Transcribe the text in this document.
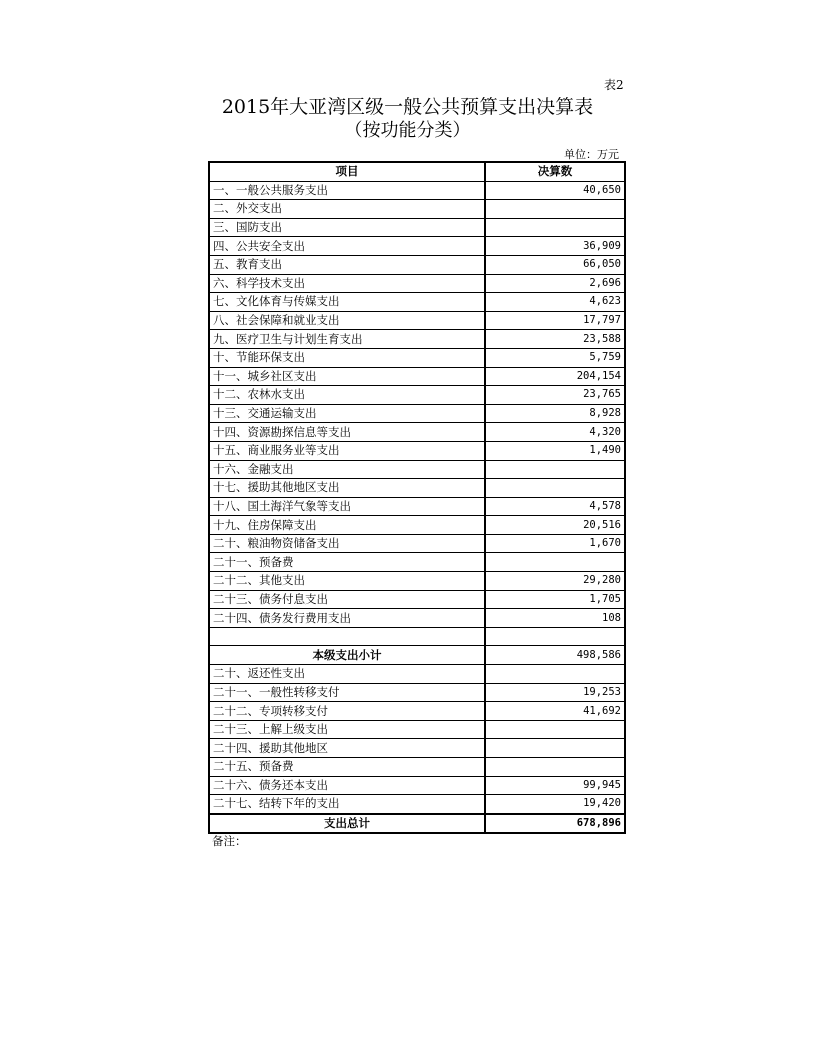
表2
2015年大亚湾区级一般公共预算支出决算表
（按功能分类）
单位：万元
项目	决算数
一、一般公共服务支出	40,650
二、外交支出	
三、国防支出	
四、公共安全支出	36,909
五、教育支出	66,050
六、科学技术支出	2,696
七、文化体育与传媒支出	4,623
八、社会保障和就业支出	17,797
九、医疗卫生与计划生育支出	23,588
十、节能环保支出	5,759
十一、城乡社区支出	204,154
十二、农林水支出	23,765
十三、交通运输支出	8,928
十四、资源勘探信息等支出	4,320
十五、商业服务业等支出	1,490
十六、金融支出	
十七、援助其他地区支出	
十八、国土海洋气象等支出	4,578
十九、住房保障支出	20,516
二十、粮油物资储备支出	1,670
二十一、预备费	
二十二、其他支出	29,280
二十三、债务付息支出	1,705
二十四、债务发行费用支出	108

本级支出小计	498,586
二十、返还性支出	
二十一、一般性转移支付	19,253
二十二、专项转移支付	41,692
二十三、上解上级支出	
二十四、援助其他地区	
二十五、预备费	
二十六、债务还本支出	99,945
二十七、结转下年的支出	19,420
支出总计	678,896
备注：
